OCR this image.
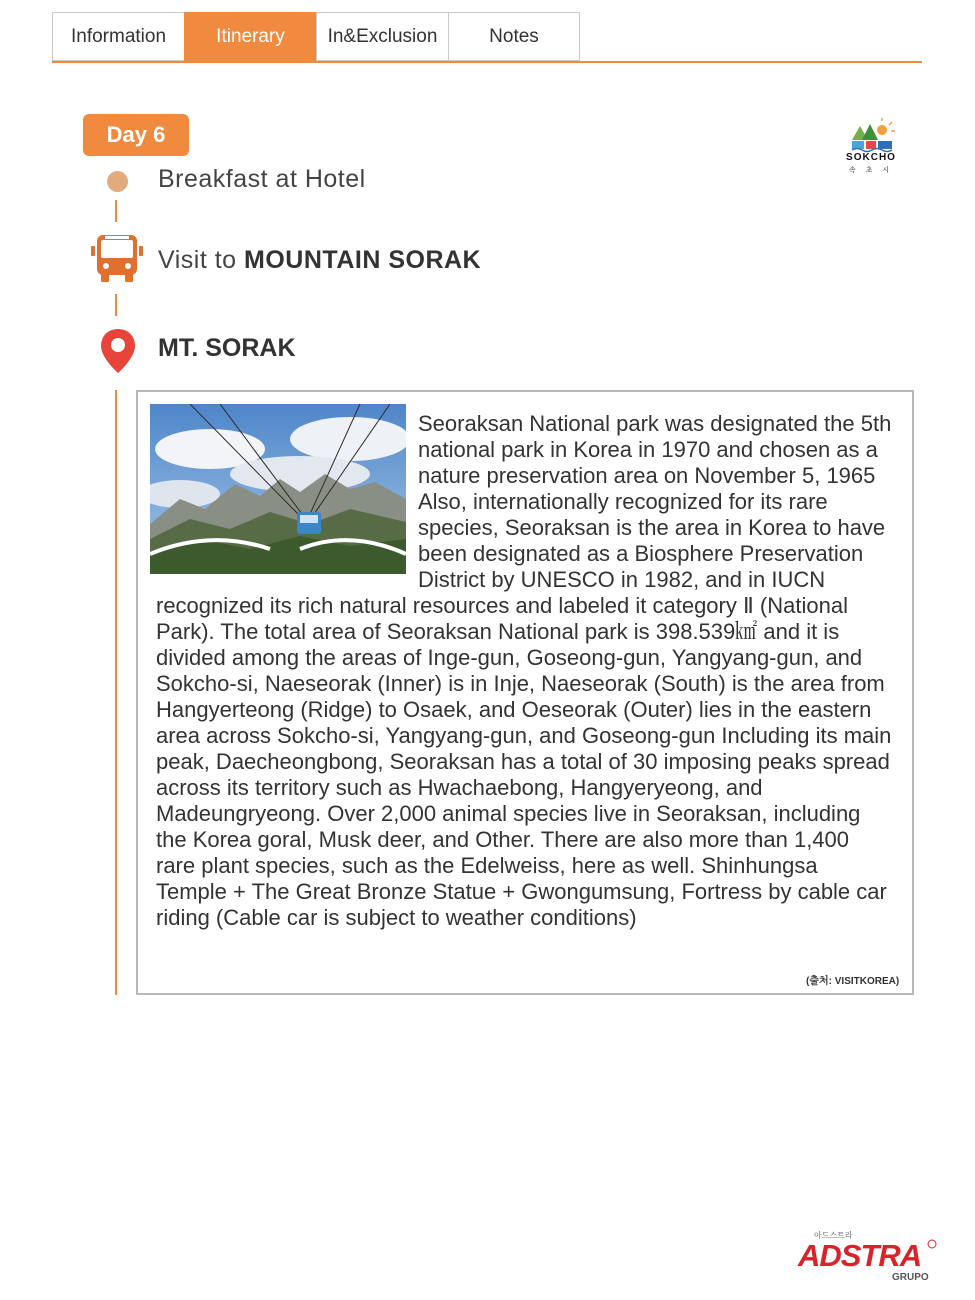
Information	Itinerary	In&Exclusion	Notes
Day 6
SOKCHO
속 초 시
Breakfast at Hotel
Visit to MOUNTAIN SORAK
MT. SORAK
Seoraksan National park was designated the 5th national park in Korea in 1970 and chosen as a nature preservation area on November 5, 1965 Also, internationally recognized for its rare species, Seoraksan is the area in Korea to have been designated as a Biosphere Preservation District by UNESCO in 1982, and in IUCN recognized its rich natural resources and labeled it category Ⅱ (National Park). The total area of Seoraksan National park is 398.539㎢ and it is divided among the areas of Inge-gun, Goseong-gun, Yangyang-gun, and Sokcho-si, Naeseorak (Inner) is in Inje, Naeseorak (South) is the area from Hangyerteong (Ridge) to Osaek, and Oeseorak (Outer) lies in the eastern area across Sokcho-si, Yangyang-gun, and Goseong-gun Including its main peak, Daecheongbong, Seoraksan has a total of 30 imposing peaks spread across its territory such as Hwachaebong, Hangyeryeong, and Madeungryeong. Over 2,000 animal species live in Seoraksan, including the Korea goral, Musk deer, and Other. There are also more than 1,400 rare plant species, such as the Edelweiss, here as well. Shinhungsa Temple + The Great Bronze Statue + Gwongumsung, Fortress by cable car riding (Cable car is subject to weather conditions)
(출처: VISITKOREA)
아드스트라
ADSTRA
GRUPO
